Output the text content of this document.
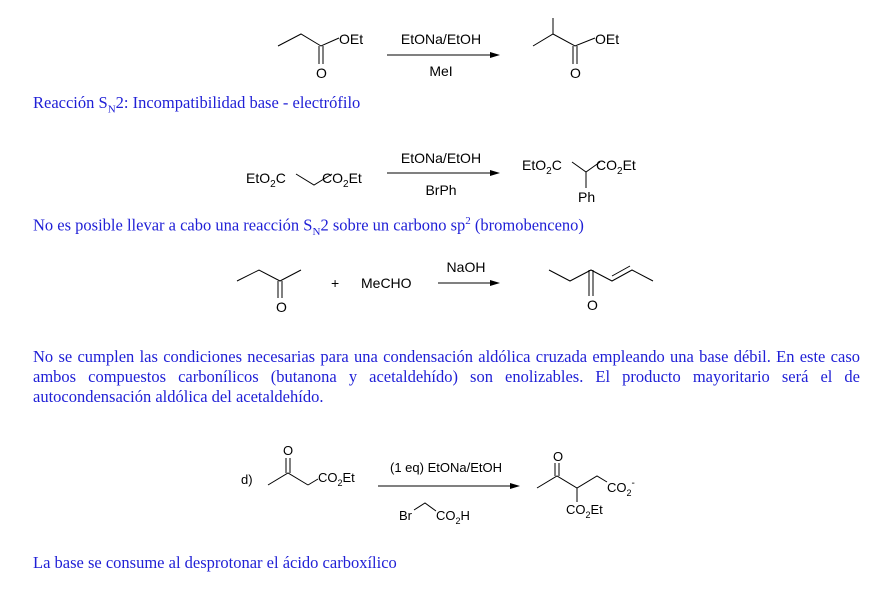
OEt
O
EtONa/EtOH
MeI
OEt
O
EtO$_2$C	$CO_2Et$
EtONa/EtOH
BrPh
EtO$_2$C $CO_2Et$
Ph
O
+ MeCHO
NaOH
O
d)
O
$CO_2Et$
(1 eq) EtONa/EtOH
Br $CO_2H$
O
$CO_2^-$
$CO_2Et$

Reacción $S_N2$: Incompatibilidad base - electrófilo

No es posible llevar a cabo una reacción $S_N2$ sobre un carbono $sp^2$ (bromobenceno)

No se cumplen las condiciones necesarias para una condensación aldólica cruzada empleando una base débil. En este caso ambos compuestos carbonílicos (butanona y acetaldehído) son enolizables. El producto mayoritario será el de autocondensación aldólica del acetaldehído.

La base se consume al desprotonar el ácido carboxílico
